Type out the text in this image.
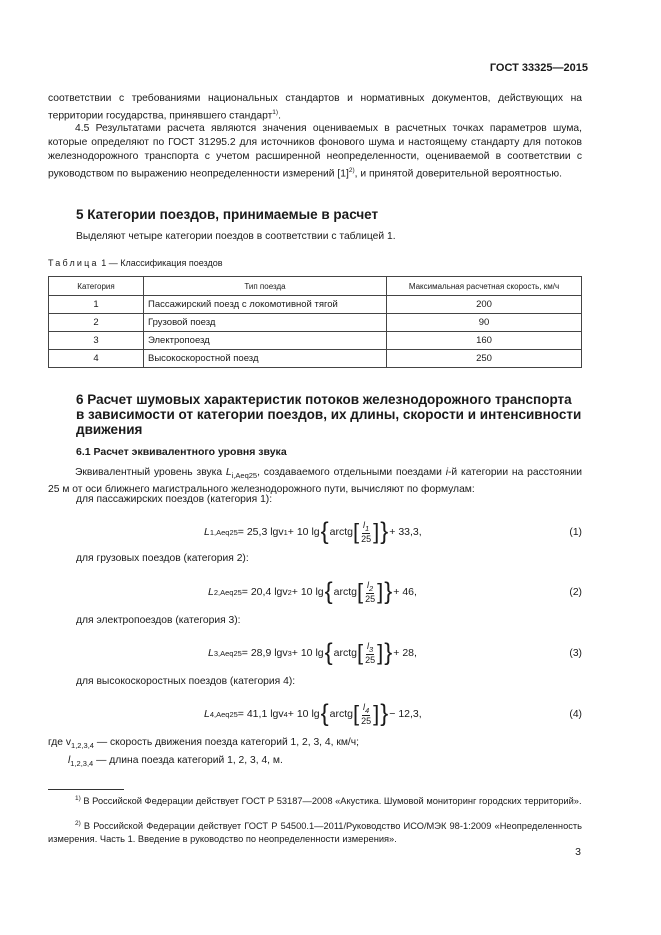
ГОСТ 33325—2015
соответствии с требованиями национальных стандартов и нормативных документов, действующих на территории государства, принявшего стандарт$^{1)}$.
4.5 Результатами расчета являются значения оцениваемых в расчетных точках параметров шума, которые определяют по ГОСТ 31295.2 для источников фонового шума и настоящему стандарту для потоков железнодорожного транспорта с учетом расширенной неопределенности, оцениваемой в соответствии с руководством по выражению неопределенности измерений $[1]^{2)}$, и принятой доверительной вероятностью.
5 Категории поездов, принимаемые в расчет
Выделяют четыре категории поездов в соответствии с таблицей 1.
Таблица 1 — Классификация поездов
Категория	Тип поезда	Максимальная расчетная скорость, км/ч
1	Пассажирский поезд с локомотивной тягой	200
2	Грузовой поезд	90
3	Электропоезд	160
4	Высокоскоростной поезд	250
6 Расчет шумовых характеристик потоков железнодорожного транспорта в зависимости от категории поездов, их длины, скорости и интенсивности движения
6.1 Расчет эквивалентного уровня звука
Эквивалентный уровень звука $L_{i,Aeq25}$, создаваемого отдельными поездами i-й категории на расстоянии 25 м от оси ближнего магистрального железнодорожного пути, вычисляют по формулам:
для пассажирских поездов (категория 1):
L 1,Aeq25 = 25,3 lgv 1 + 10 lg { arctg [ $\frac{l_1}{25}$ ] } + 33,3,	(1)
для грузовых поездов (категория 2):
L 2,Aeq25 = 20,4 lgv 2 + 10 lg { arctg [ $\frac{l_2}{25}$ ] } + 46,	(2)
для электропоездов (категория 3):
L 3,Aeq25 = 28,9 lgv 3 + 10 lg { arctg [ $\frac{l_3}{25}$ ] } + 28,	(3)
для высокоскоростных поездов (категория 4):
L 4,Aeq25 = 41,1 lgv 4 + 10 lg { arctg [ $\frac{l_4}{25}$ ] } − 12,3,	(4)
где $v_{1,2,3,4}$ — скорость движения поезда категорий 1, 2, 3, 4, км/ч;
$l_{1,2,3,4}$ — длина поезда категорий 1, 2, 3, 4, м.
$^{1)}$ В Российской Федерации действует ГОСТ Р 53187—2008 «Акустика. Шумовой мониторинг городских территорий».
$^{2)}$ В Российской Федерации действует ГОСТ Р 54500.1—2011/Руководство ИСО/МЭК 98-1:2009 «Неопределенность измерения. Часть 1. Введение в руководство по неопределенности измерения».
3
